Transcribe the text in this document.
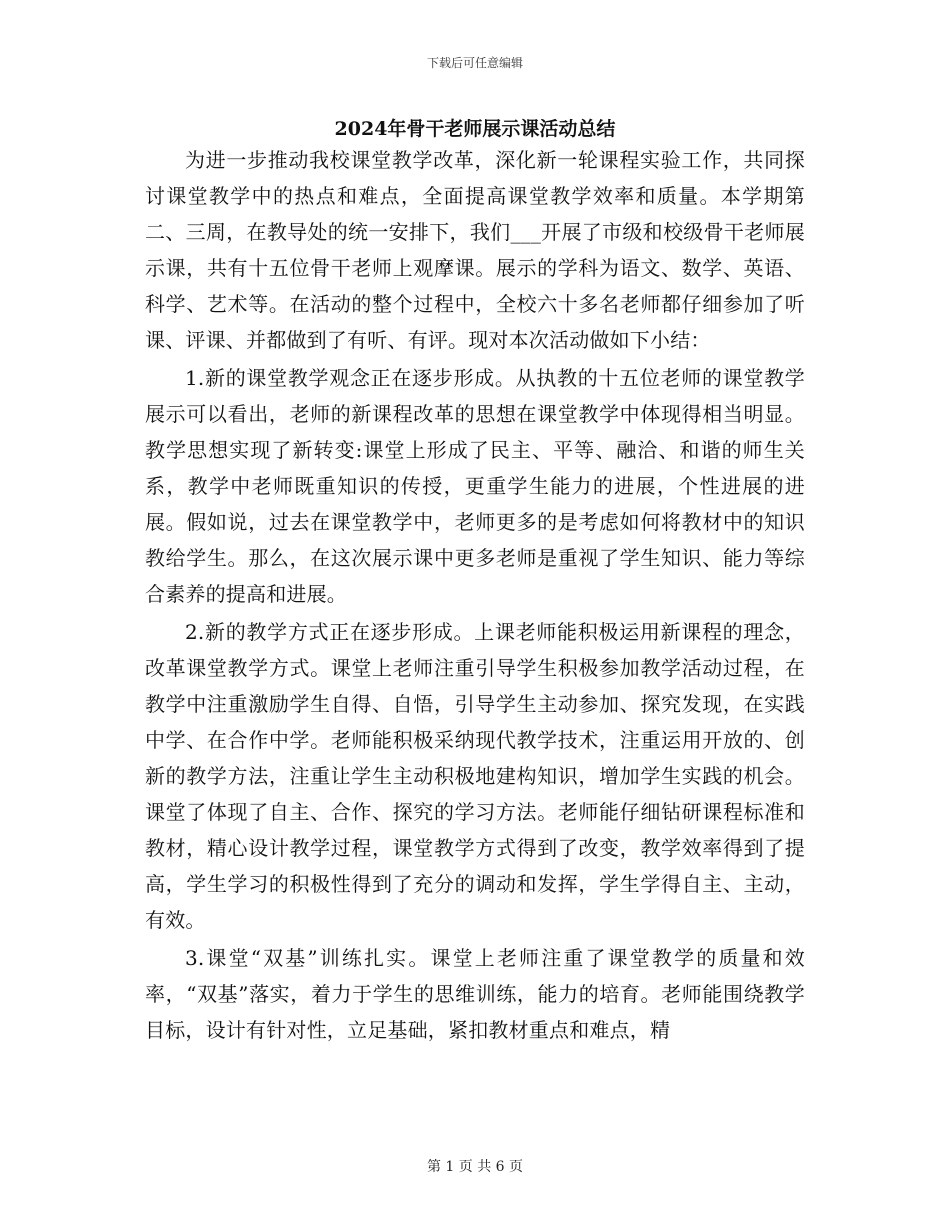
下载后可任意编辑
2024年骨干老师展示课活动总结

为进一步推动我校课堂教学改革，深化新一轮课程实验工作，共同探讨课堂教学中的热点和难点，全面提高课堂教学效率和质量。本学期第二、三周，在教导处的统一安排下，我们___开展了市级和校级骨干老师展示课，共有十五位骨干老师上观摩课。展示的学科为语文、数学、英语、科学、艺术等。在活动的整个过程中，全校六十多名老师都仔细参加了听课、评课、并都做到了有听、有评。现对本次活动做如下小结：

1.新的课堂教学观念正在逐步形成。从执教的十五位老师的课堂教学展示可以看出，老师的新课程改革的思想在课堂教学中体现得相当明显。教学思想实现了新转变:课堂上形成了民主、平等、融洽、和谐的师生关系，教学中老师既重知识的传授，更重学生能力的进展，个性进展的进展。假如说，过去在课堂教学中，老师更多的是考虑如何将教材中的知识教给学生。那么，在这次展示课中更多老师是重视了学生知识、能力等综合素养的提高和进展。

2.新的教学方式正在逐步形成。上课老师能积极运用新课程的理念，改革课堂教学方式。课堂上老师注重引导学生积极参加教学活动过程，在教学中注重激励学生自得、自悟，引导学生主动参加、探究发现，在实践中学、在合作中学。老师能积极采纳现代教学技术，注重运用开放的、创新的教学方法，注重让学生主动积极地建构知识，增加学生实践的机会。课堂了体现了自主、合作、探究的学习方法。老师能仔细钻研课程标准和教材，精心设计教学过程，课堂教学方式得到了改变，教学效率得到了提高，学生学习的积极性得到了充分的调动和发挥，学生学得自主、主动，有效。

3.课堂“双基”训练扎实。课堂上老师注重了课堂教学的质量和效率，“双基”落实，着力于学生的思维训练，能力的培育。老师能围绕教学目标，设计有针对性，立足基础，紧扣教材重点和难点，精

第 1 页 共 6 页
